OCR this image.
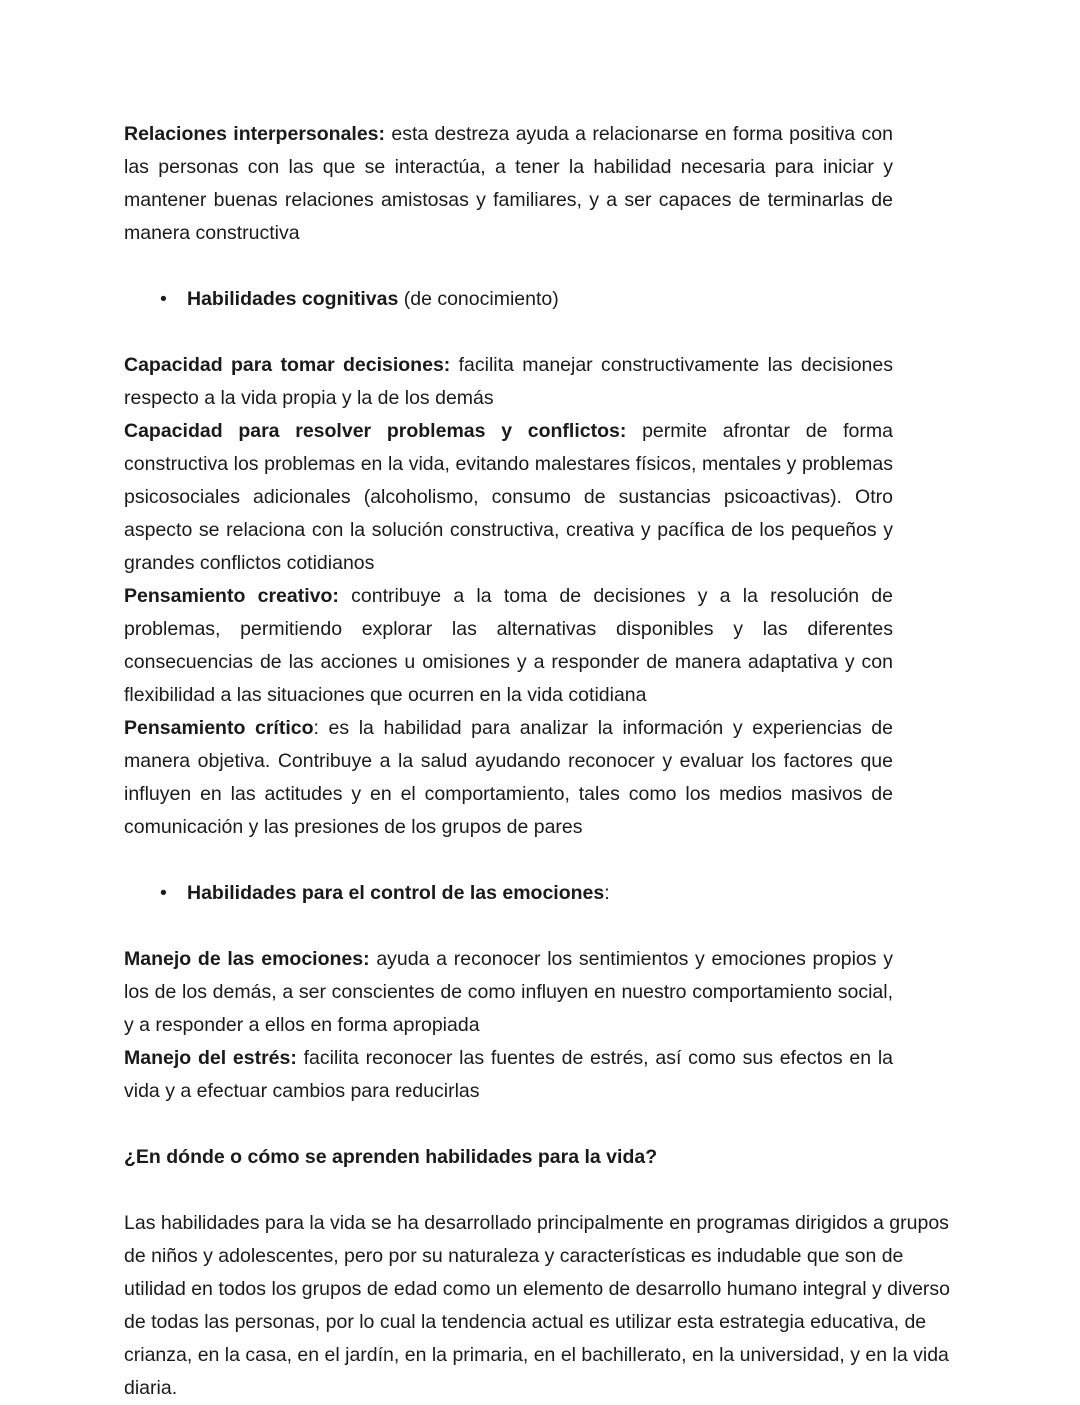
Relaciones interpersonales: esta destreza ayuda a relacionarse en forma positiva con las personas con las que se interactúa, a tener la habilidad necesaria para iniciar y mantener buenas relaciones amistosas y familiares, y a ser capaces de terminarlas de manera constructiva

•	Habilidades cognitivas (de conocimiento)

Capacidad para tomar decisiones: facilita manejar constructivamente las decisiones respecto a la vida propia y la de los demás

Capacidad para resolver problemas y conflictos: permite afrontar de forma constructiva los problemas en la vida, evitando malestares físicos, mentales y problemas psicosociales adicionales (alcoholismo, consumo de sustancias psicoactivas). Otro aspecto se relaciona con la solución constructiva, creativa y pacífica de los pequeños y grandes conflictos cotidianos

Pensamiento creativo: contribuye a la toma de decisiones y a la resolución de problemas, permitiendo explorar las alternativas disponibles y las diferentes consecuencias de las acciones u omisiones y a responder de manera adaptativa y con flexibilidad a las situaciones que ocurren en la vida cotidiana

Pensamiento crítico: es la habilidad para analizar la información y experiencias de manera objetiva. Contribuye a la salud ayudando reconocer y evaluar los factores que influyen en las actitudes y en el comportamiento, tales como los medios masivos de comunicación y las presiones de los grupos de pares

•	Habilidades para el control de las emociones:

Manejo de las emociones: ayuda a reconocer los sentimientos y emociones propios y los de los demás, a ser conscientes de como influyen en nuestro comportamiento social, y a responder a ellos en forma apropiada

Manejo del estrés: facilita reconocer las fuentes de estrés, así como sus efectos en la vida y a efectuar cambios para reducirlas

¿En dónde o cómo se aprenden habilidades para la vida?

Las habilidades para la vida se ha desarrollado principalmente en programas dirigidos a grupos de niños y adolescentes, pero por su naturaleza y características es indudable que son de utilidad en todos los grupos de edad como un elemento de desarrollo humano integral y diverso de todas las personas, por lo cual la tendencia actual es utilizar esta estrategia educativa, de crianza, en la casa, en el jardín, en la primaria, en el bachillerato, en la universidad, y en la vida diaria.
